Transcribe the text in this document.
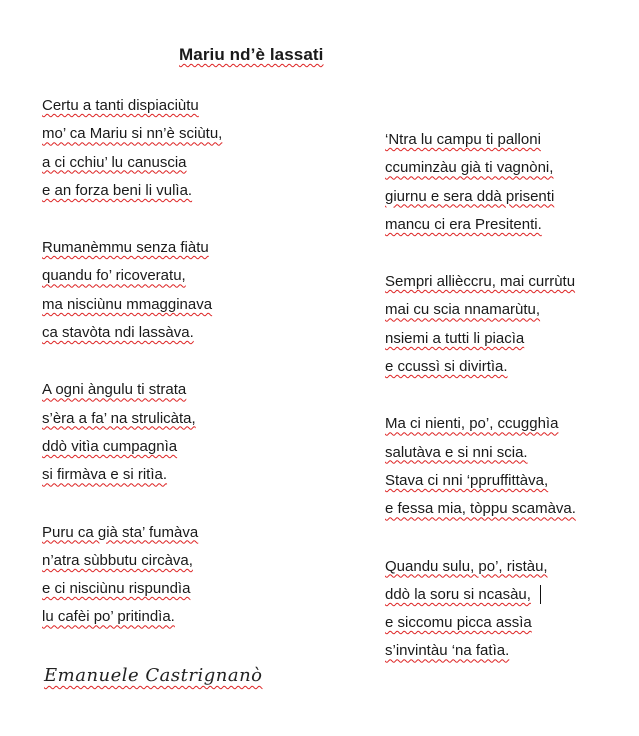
Mariu nd’è lassati
Certu a tanti dispiaciùtu
mo’ ca Mariu si nn’è sciùtu,
a ci cchiu’ lu canuscia
e an forza beni li vulìa.
Rumanèmmu senza fiàtu
quandu fo’ ricoveratu,
ma nisciùnu mmagginava
ca stavòta ndi lassàva.
A ogni àngulu ti strata
s’èra a fa’ na strulicàta,
ddò vitìa cumpagnìa
si firmàva e si ritìa.
Puru ca già sta’ fumàva
n’atra sùbbutu circàva,
e ci nisciùnu rispundìa
lu cafèi po’ pritindìa.
‘Ntra lu campu ti palloni
ccuminzàu già ti vagnòni,
giurnu e sera ddà prisenti
mancu ci era Presitenti.
Sempri allièccru, mai currùtu
mai cu scia nnamarùtu,
nsiemi a tutti li piacìa
e ccussì si divirtìa.
Ma ci nienti, po’, ccugghìa
salutàva e si nni scia.
Stava ci nni ‘ppruffittàva,
e fessa mia, tòppu scamàva.
Quandu sulu, po’, ristàu,
ddò la soru si ncasàu,
e siccomu picca assìa
s’invintàu ‘na fatìa.
Emanuele Castrignanò
